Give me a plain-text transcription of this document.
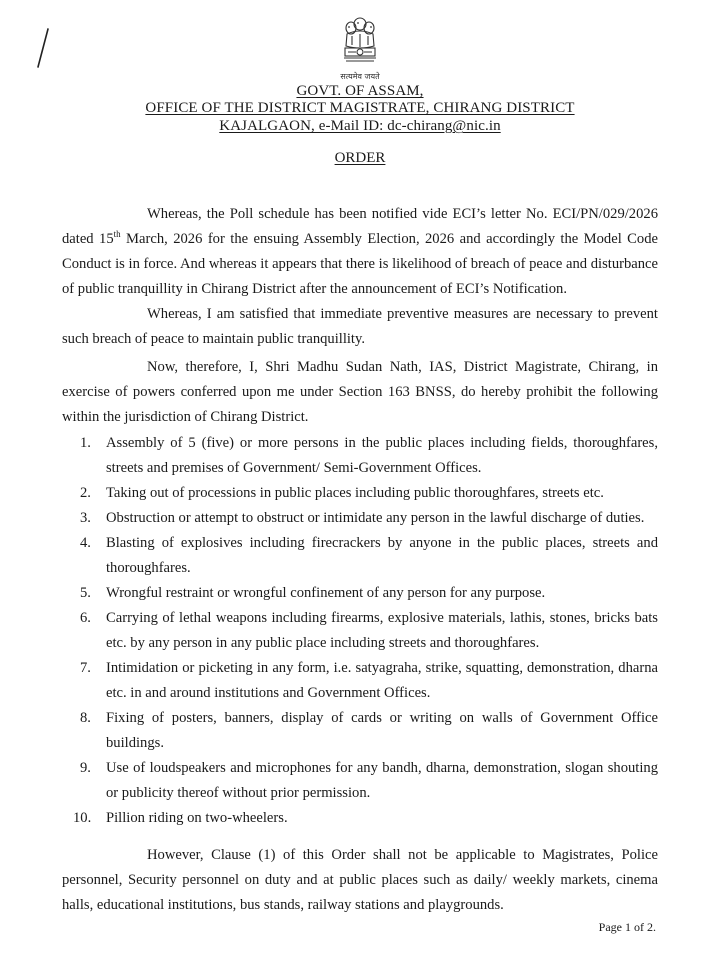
सत्यमेव जयते
GOVT. OF ASSAM,
OFFICE OF THE DISTRICT MAGISTRATE, CHIRANG DISTRICT
KAJALGAON, e-Mail ID: dc-chirang@nic.in
ORDER

Whereas, the Poll schedule has been notified vide ECI’s letter No. ECI/PN/029/2026 dated 15th March, 2026 for the ensuing Assembly Election, 2026 and accordingly the Model Code Conduct is in force. And whereas it appears that there is likelihood of breach of peace and disturbance of public tranquillity in Chirang District after the announcement of ECI’s Notification.

Whereas, I am satisfied that immediate preventive measures are necessary to prevent such breach of peace to maintain public tranquillity.

Now, therefore, I, Shri Madhu Sudan Nath, IAS, District Magistrate, Chirang, in exercise of powers conferred upon me under Section 163 BNSS, do hereby prohibit the following within the jurisdiction of Chirang District.

1. Assembly of 5 (five) or more persons in the public places including fields, thoroughfares, streets and premises of Government/ Semi-Government Offices.
2. Taking out of processions in public places including public thoroughfares, streets etc.
3. Obstruction or attempt to obstruct or intimidate any person in the lawful discharge of duties.
4. Blasting of explosives including firecrackers by anyone in the public places, streets and thoroughfares.
5. Wrongful restraint or wrongful confinement of any person for any purpose.
6. Carrying of lethal weapons including firearms, explosive materials, lathis, stones, bricks bats etc. by any person in any public place including streets and thoroughfares.
7. Intimidation or picketing in any form, i.e. satyagraha, strike, squatting, demonstration, dharna etc. in and around institutions and Government Offices.
8. Fixing of posters, banners, display of cards or writing on walls of Government Office buildings.
9. Use of loudspeakers and microphones for any bandh, dharna, demonstration, slogan shouting or publicity thereof without prior permission.
10. Pillion riding on two-wheelers.

However, Clause (1) of this Order shall not be applicable to Magistrates, Police personnel, Security personnel on duty and at public places such as daily/ weekly markets, cinema halls, educational institutions, bus stands, railway stations and playgrounds.

Page 1 of 2.
